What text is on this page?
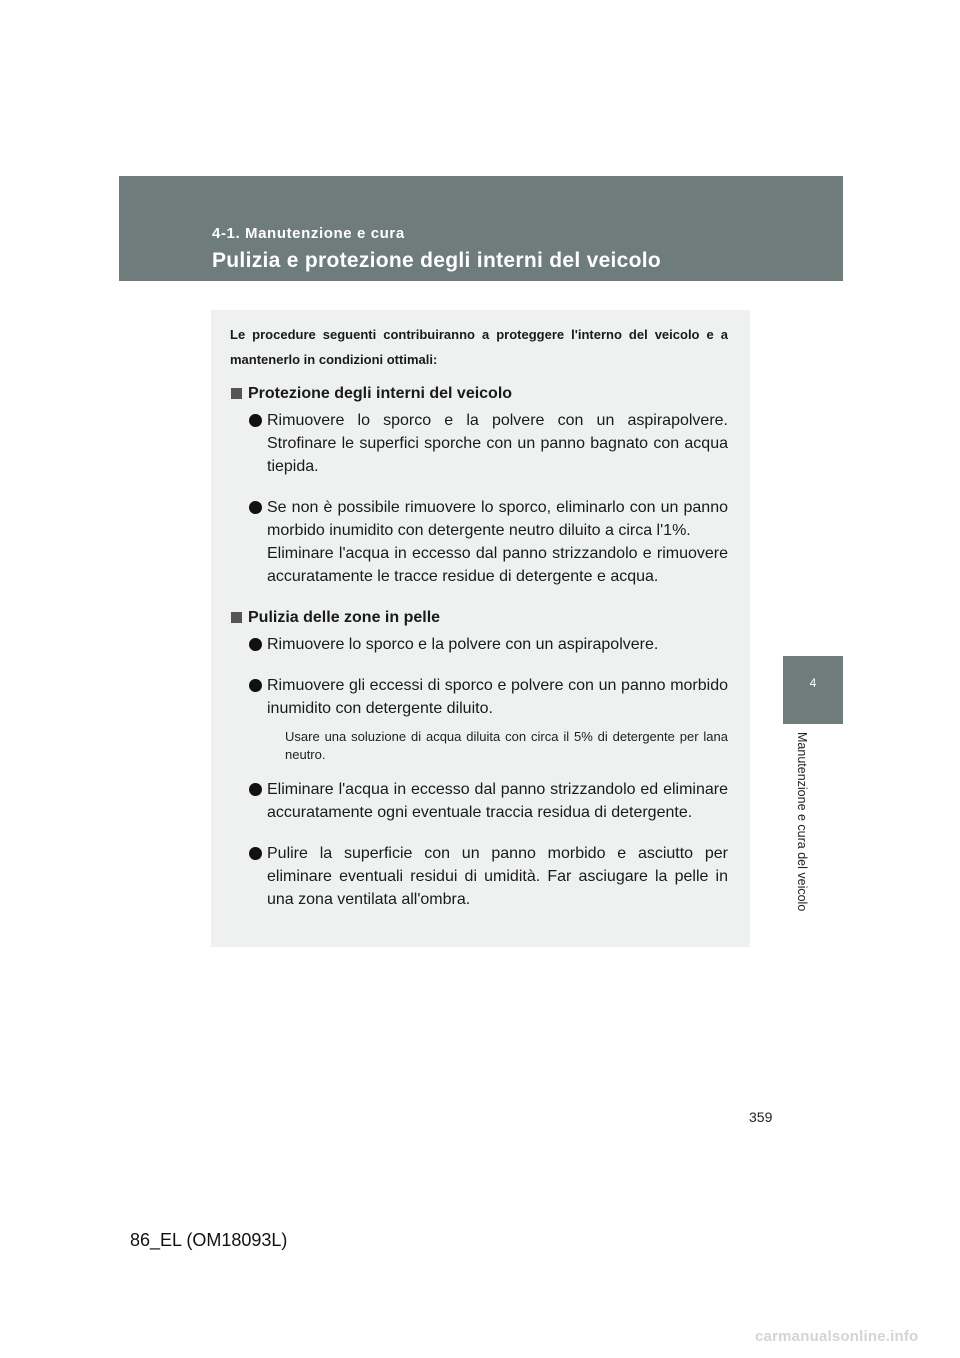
4-1. Manutenzione e cura
Pulizia e protezione degli interni del veicolo
4
Manutenzione e cura del veicolo

Le procedure seguenti contribuiranno a proteggere l'interno del veicolo e a mantenerlo in condizioni ottimali:

Protezione degli interni del veicolo
Rimuovere lo sporco e la polvere con un aspirapolvere. Strofinare le superfici sporche con un panno bagnato con acqua tiepida.
Se non è possibile rimuovere lo sporco, eliminarlo con un panno morbido inumidito con detergente neutro diluito a circa l'1%.
Eliminare l'acqua in eccesso dal panno strizzandolo e rimuovere accuratamente le tracce residue di detergente e acqua.
Pulizia delle zone in pelle
Rimuovere lo sporco e la polvere con un aspirapolvere.
Rimuovere gli eccessi di sporco e polvere con un panno morbido inumidito con detergente diluito.

Usare una soluzione di acqua diluita con circa il 5% di detergente per lana neutro.

Eliminare l'acqua in eccesso dal panno strizzandolo ed eliminare accuratamente ogni eventuale traccia residua di detergente.
Pulire la superficie con un panno morbido e asciutto per eliminare eventuali residui di umidità. Far asciugare la pelle in una zona ventilata all'ombra.
359
86_EL (OM18093L)
carmanualsonline.info
